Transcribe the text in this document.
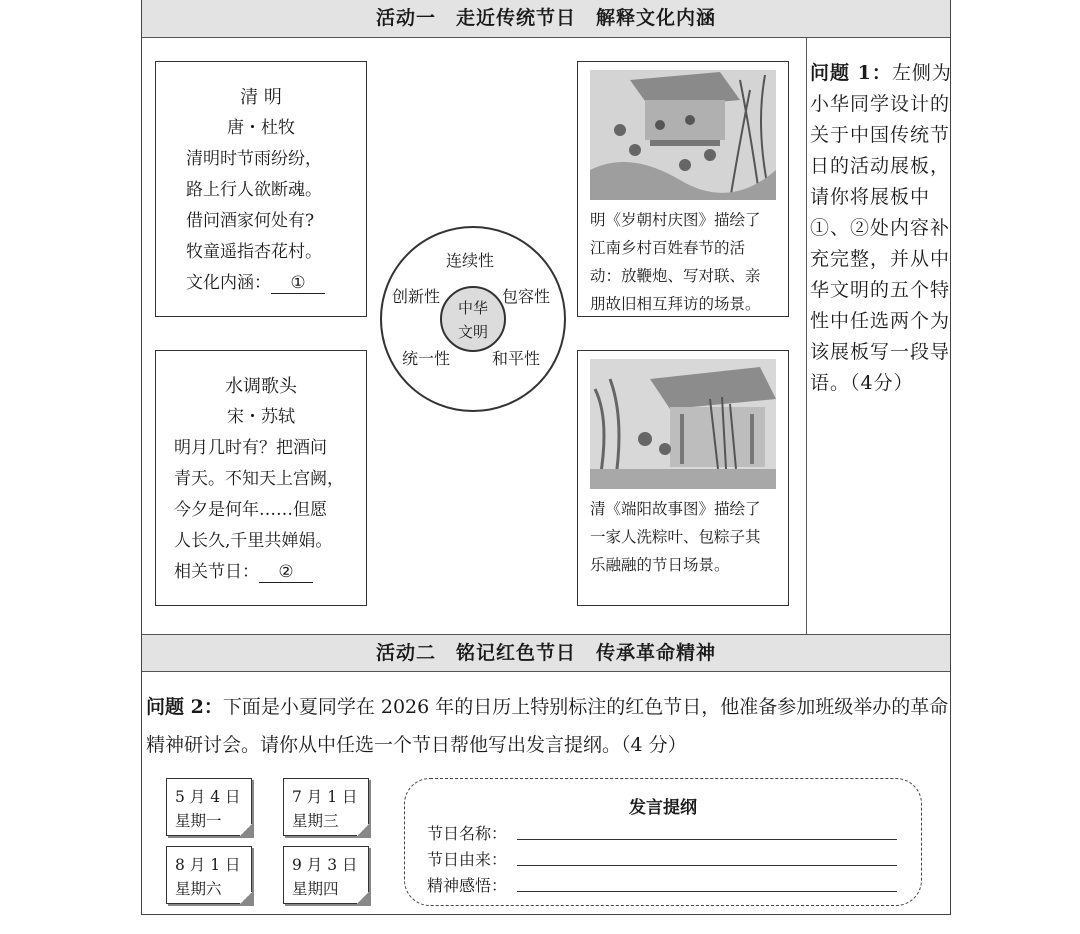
活动一　走近传统节日　解释文化内涵
清 明
唐・杜牧
清明时节雨纷纷，
路上行人欲断魂。
借问酒家何处有?
牧童遥指杏花村。
文化内涵： ①
水调歌头
宋・苏轼
明月几时有？把酒问
青天。不知天上宫阙，
今夕是何年……但愿
人长久,千里共婵娟。
相关节日： ②
中华
文明
连续性
创新性	包容性
统一性	和平性
明《岁朝村庆图》描绘了
江南乡村百姓春节的活
动：放鞭炮、写对联、亲
朋故旧相互拜访的场景。
清《端阳故事图》描绘了
一家人洗粽叶、包粽子其
乐融融的节日场景。
问题 1：左侧为小华同学设计的关于中国传统节日的活动展板，请你将展板中①、②处内容补充完整，并从中华文明的五个特性中任选两个为该展板写一段导语。（4分）
活动二　铭记红色节日　传承革命精神
问题 2：下面是小夏同学在 2026 年的日历上特别标注的红色节日，他准备参加班级举办的革命精神研讨会。请你从中任选一个节日帮他写出发言提纲。（4 分）
5 月 4 日
星期一
7 月 1 日
星期三
8 月 1 日
星期六
9 月 3 日
星期四
发言提纲
节日名称：
节日由来：
精神感悟：
